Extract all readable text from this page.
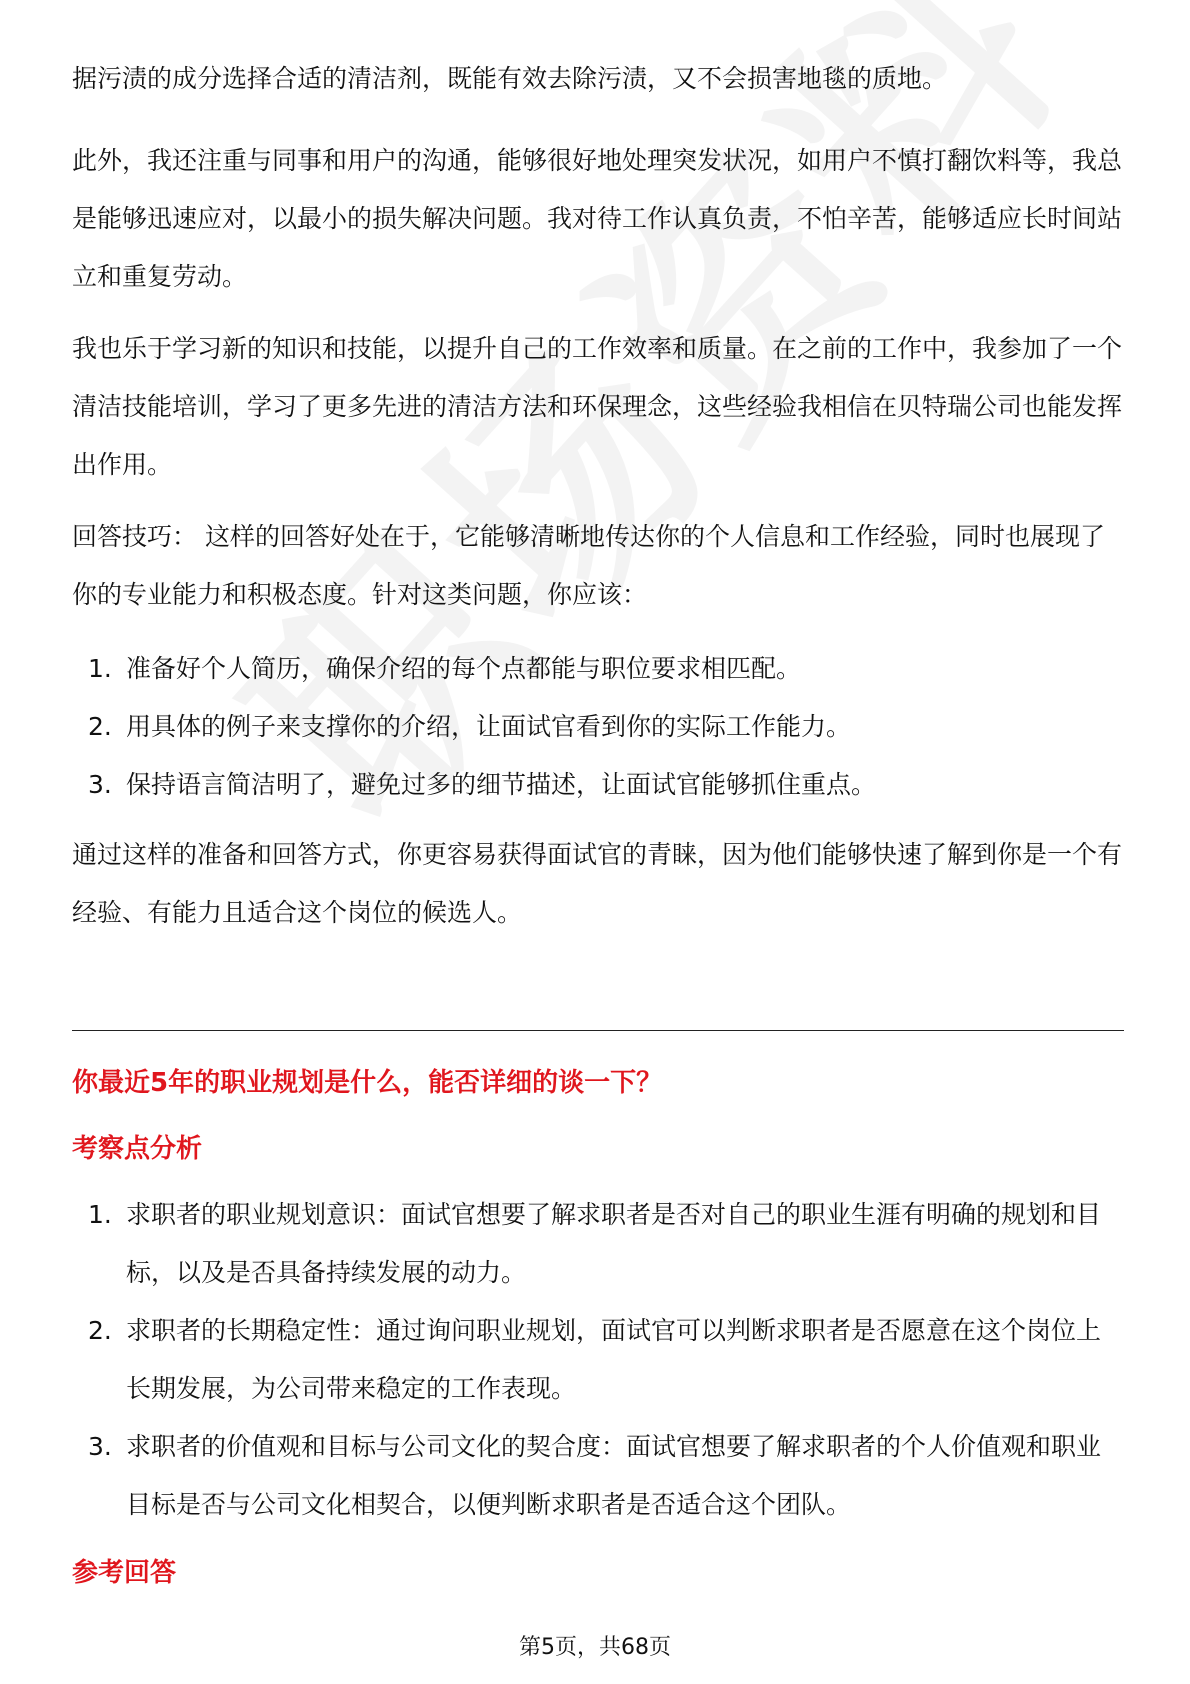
据污渍的成分选择合适的清洁剂，既能有效去除污渍，又不会损害地毯的质地。

此外，我还注重与同事和用户的沟通，能够很好地处理突发状况，如用户不慎打翻饮料等，我总是能够迅速应对，以最小的损失解决问题。我对待工作认真负责，不怕辛苦，能够适应长时间站立和重复劳动。

我也乐于学习新的知识和技能，以提升自己的工作效率和质量。在之前的工作中，我参加了一个清洁技能培训，学习了更多先进的清洁方法和环保理念，这些经验我相信在贝特瑞公司也能发挥出作用。

回答技巧： 这样的回答好处在于，它能够清晰地传达你的个人信息和工作经验，同时也展现了你的专业能力和积极态度。针对这类问题，你应该：

1. 准备好个人简历，确保介绍的每个点都能与职位要求相匹配。
2. 用具体的例子来支撑你的介绍，让面试官看到你的实际工作能力。
3. 保持语言简洁明了，避免过多的细节描述，让面试官能够抓住重点。

通过这样的准备和回答方式，你更容易获得面试官的青睐，因为他们能够快速了解到你是一个有经验、有能力且适合这个岗位的候选人。

你最近5年的职业规划是什么，能否详细的谈一下？
考察点分析
1. 求职者的职业规划意识：面试官想要了解求职者是否对自己的职业生涯有明确的规划和目标，以及是否具备持续发展的动力。
2. 求职者的长期稳定性：通过询问职业规划，面试官可以判断求职者是否愿意在这个岗位上长期发展，为公司带来稳定的工作表现。
3. 求职者的价值观和目标与公司文化的契合度：面试官想要了解求职者的个人价值观和职业目标是否与公司文化相契合，以便判断求职者是否适合这个团队。
参考回答
第5页，共68页
